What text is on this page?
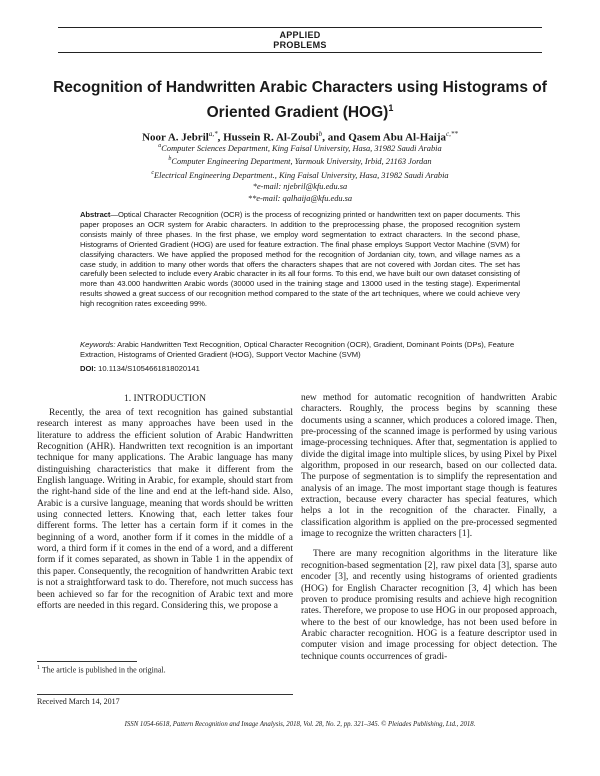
APPLIED
PROBLEMS
Recognition of Handwritten Arabic Characters using Histograms of Oriented Gradient (HOG)$^1$
Noor A. Jebril$^{a,*}$, Hussein R. Al-Zoubi$^b$, and Qasem Abu Al-Haija$^{c,**}$
$^a$Computer Sciences Department, King Faisal University, Hasa, 31982 Saudi Arabia
$^b$Computer Engineering Department, Yarmouk University, Irbid, 21163 Jordan
$^c$Electrical Engineering Department., King Faisal University, Hasa, 31982 Saudi Arabia
*e-mail: njebril@kfu.edu.sa
**e-mail: qalhaija@kfu.edu.sa
Abstract—Optical Character Recognition (OCR) is the process of recognizing printed or handwritten text on paper documents. This paper proposes an OCR system for Arabic characters. In addition to the preprocessing phase, the proposed recognition system consists mainly of three phases. In the first phase, we employ word segmentation to extract characters. In the second phase, Histograms of Oriented Gradient (HOG) are used for feature extraction. The final phase employs Support Vector Machine (SVM) for classifying characters. We have applied the proposed method for the recognition of Jordanian city, town, and village names as a case study, in addition to many other words that offers the characters shapes that are not covered with Jordan cites. The set has carefully been selected to include every Arabic character in its all four forms. To this end, we have built our own dataset consisting of more than 43.000 handwritten Arabic words (30000 used in the training stage and 13000 used in the testing stage). Experimental results showed a great success of our recognition method compared to the state of the art techniques, where we could achieve very high recognition rates exceeding 99%.
Keywords: Arabic Handwritten Text Recognition, Optical Character Recognition (OCR), Gradient, Dominant Points (DPs), Feature Extraction, Histograms of Oriented Gradient (HOG), Support Vector Machine (SVM)
DOI: 10.1134/S1054661818020141
1. INTRODUCTION

Recently, the area of text recognition has gained substantial research interest as many approaches have been used in the literature to address the efficient solution of Arabic Handwritten Recognition (AHR). Handwritten text recognition is an important technique for many applications. The Arabic language has many distinguishing characteristics that make it different from the English language. Writing in Arabic, for example, should start from the right-hand side of the line and end at the left-hand side. Also, Arabic is a cursive language, meaning that words should be written using connected letters. Knowing that, each letter takes four different forms. The letter has a certain form if it comes in the beginning of a word, another form if it comes in the middle of a word, a third form if it comes in the end of a word, and a different form if it comes separated, as shown in Table 1 in the appendix of this paper. Consequently, the recognition of handwritten Arabic text is not a straightforward task to do. Therefore, not much success has been achieved so far for the recognition of Arabic text and more efforts are needed in this regard. Considering this, we propose a

new method for automatic recognition of handwritten Arabic characters. Roughly, the process begins by scanning these documents using a scanner, which produces a colored image. Then, pre-processing of the scanned image is performed by using various image-processing techniques. After that, segmentation is applied to divide the digital image into multiple slices, by using Pixel by Pixel algorithm, proposed in our research, based on our collected data. The purpose of segmentation is to simplify the representation and analysis of an image. The most important stage though is features extraction, because every character has special features, which helps a lot in the recognition of the character. Finally, a classification algorithm is applied on the pre-processed segmented image to recognize the written characters [1].

There are many recognition algorithms in the literature like recognition-based segmentation [2], raw pixel data [3], sparse auto encoder [3], and recently using histograms of oriented gradients (HOG) for English Character recognition [3, 4] which has been proven to produce promising results and achieve high recognition rates. Therefore, we propose to use HOG in our proposed approach, where to the best of our knowledge, has not been used before in Arabic character recognition. HOG is a feature descriptor used in computer vision and image processing for object detection. The technique counts occurrences of gradi-

$^1$ The article is published in the original.
Received March 14, 2017
ISSN 1054-6618, Pattern Recognition and Image Analysis, 2018, Vol. 28, No. 2, pp. 321–345. © Pleiades Publishing, Ltd., 2018.
